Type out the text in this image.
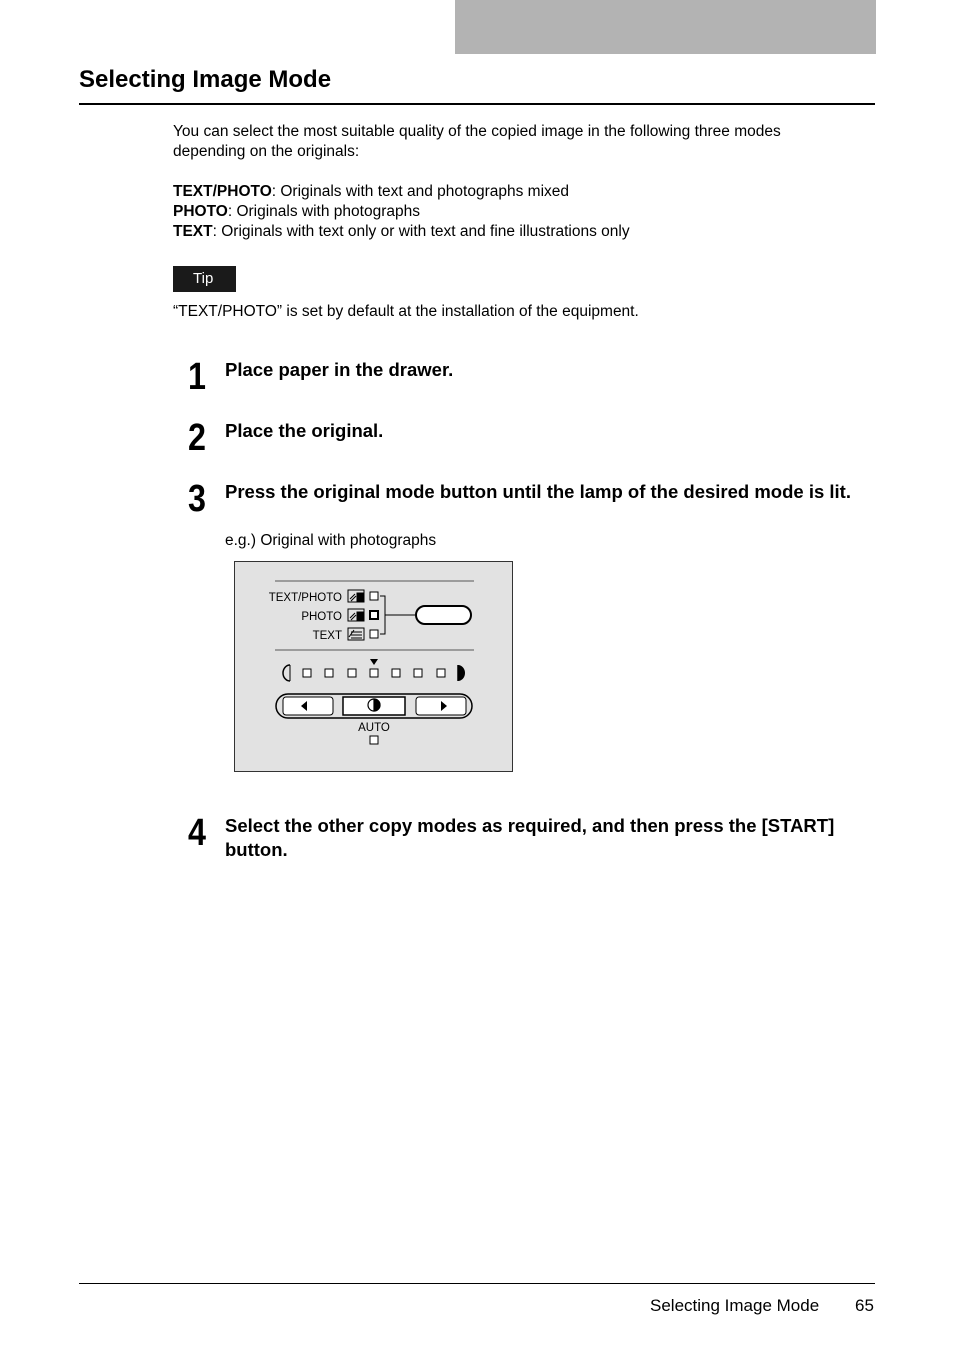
Selecting Image Mode
You can select the most suitable quality of the copied image in the following three modes depending on the originals:
TEXT/PHOTO: Originals with text and photographs mixed
PHOTO: Originals with photographs
TEXT: Originals with text only or with text and fine illustrations only
Tip
“TEXT/PHOTO” is set by default at the installation of the equipment.
1 Place paper in the drawer.
2 Place the original.
3 Press the original mode button until the lamp of the desired mode is lit.
e.g.) Original with photographs
TEXT/PHOTO
PHOTO
TEXT
AUTO
4 Select the other copy modes as required, and then press the [START] button.
Selecting Image Mode 65
